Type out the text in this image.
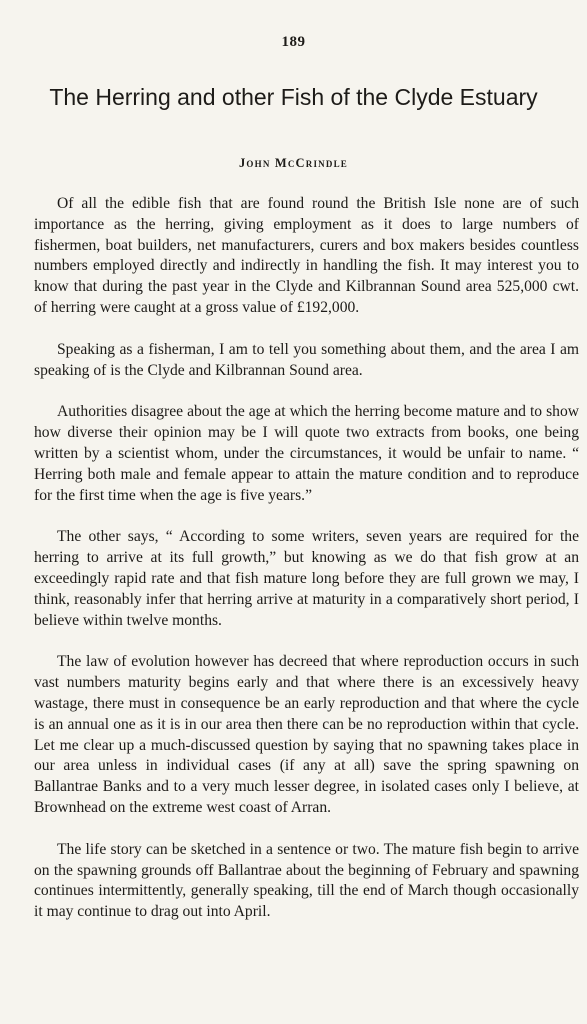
189
The Herring and other Fish of the Clyde Estuary
John McCrindle

Of all the edible fish that are found round the British Isle none are of such importance as the herring, giving employment as it does to large numbers of fishermen, boat builders, net manufacturers, curers and box makers besides countless numbers employed directly and indirectly in handling the fish. It may interest you to know that during the past year in the Clyde and Kilbrannan Sound area 525,000 cwt. of herring were caught at a gross value of £192,000.

Speaking as a fisherman, I am to tell you something about them, and the area I am speaking of is the Clyde and Kilbrannan Sound area.

Authorities disagree about the age at which the herring become mature and to show how diverse their opinion may be I will quote two extracts from books, one being written by a scientist whom, under the circumstances, it would be unfair to name. “ Herring both male and female appear to attain the mature condition and to reproduce for the first time when the age is five years.”

The other says, “ According to some writers, seven years are required for the herring to arrive at its full growth,” but knowing as we do that fish grow at an exceedingly rapid rate and that fish mature long before they are full grown we may, I think, reasonably infer that herring arrive at maturity in a comparatively short period, I believe within twelve months.

The law of evolution however has decreed that where reproduction occurs in such vast numbers maturity begins early and that where there is an excessively heavy wastage, there must in consequence be an early reproduction and that where the cycle is an annual one as it is in our area then there can be no reproduction within that cycle. Let me clear up a much-discussed question by saying that no spawning takes place in our area unless in individual cases (if any at all) save the spring spawning on Ballantrae Banks and to a very much lesser degree, in isolated cases only I believe, at Brownhead on the extreme west coast of Arran.

The life story can be sketched in a sentence or two. The mature fish begin to arrive on the spawning grounds off Ballantrae about the beginning of February and spawning continues intermittently, generally speaking, till the end of March though occasionally it may continue to drag out into April.
